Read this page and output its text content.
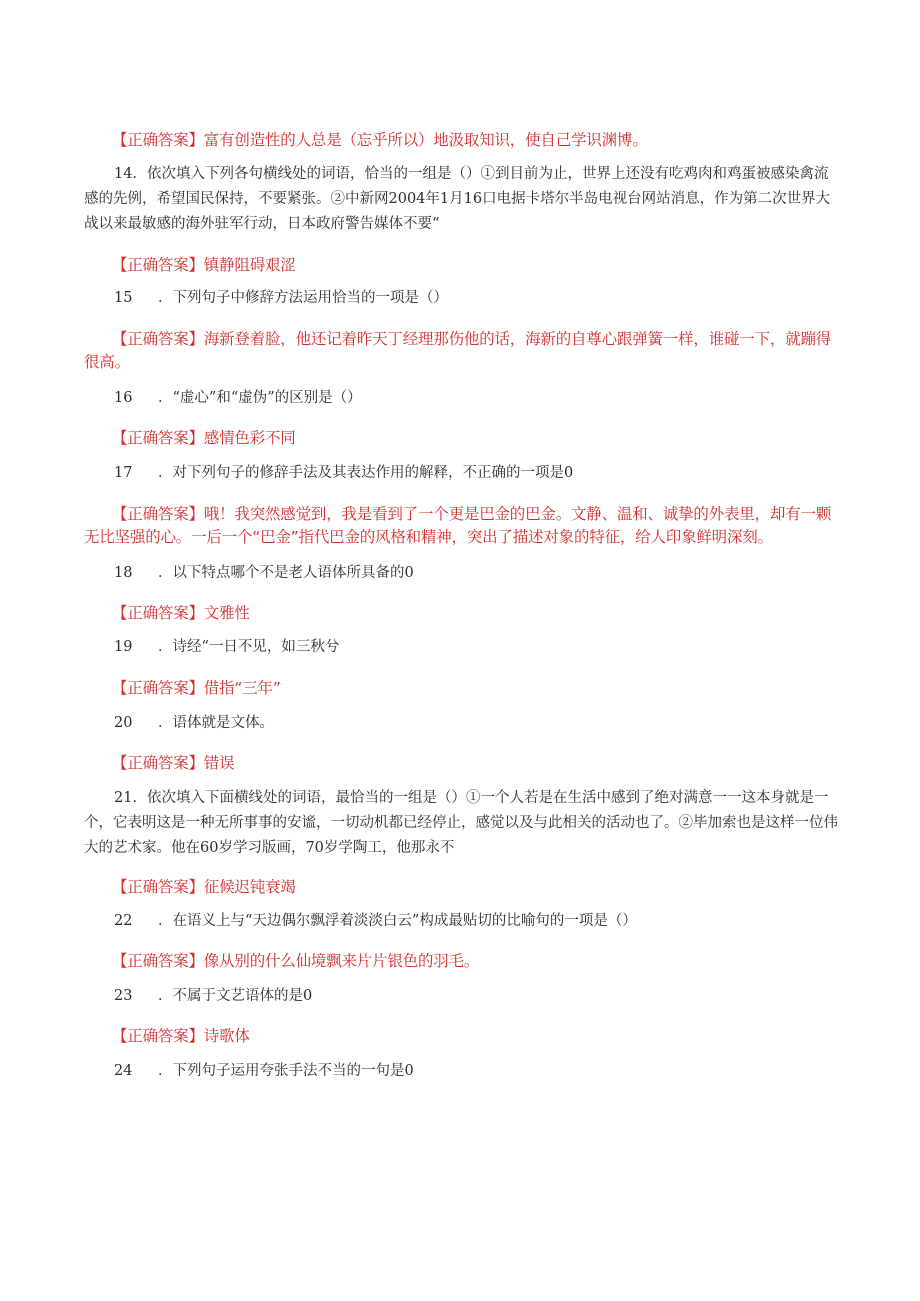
【正确答案】富有创造性的人总是（忘乎所以）地汲取知识，使自己学识渊博。
14．依次填入下列各句横线处的词语，恰当的一组是（）①到目前为止，世界上还没有吃鸡肉和鸡蛋被感染禽流感的先例，希望国民保持，不要紧张。②中新网2004年1月16口电据卡塔尔半岛电视台网站消息，作为第二次世界大战以来最敏感的海外驻军行动，日本政府警告媒体不要“
【正确答案】镇静阻碍艰涩
15	．下列句子中修辞方法运用恰当的一项是（）
【正确答案】海新登着脸，他还记着昨天丁经理那伤他的话，海新的自尊心跟弹簧一样，谁碰一下，就蹦得很高。
16	．“虚心”和“虚伪”的区别是（）
【正确答案】感情色彩不同
17	．对下列句子的修辞手法及其表达作用的解释，不正确的一项是0
【正确答案】哦！我突然感觉到，我是看到了一个更是巴金的巴金。文静、温和、诚挚的外表里，却有一颗无比坚强的心。一后一个“巴金”指代巴金的风格和精神，突出了描述对象的特征，给人印象鲜明深刻。
18	．以下特点哪个不是老人语体所具备的0
【正确答案】文雅性
19	．诗经“一日不见，如三秋兮
【正确答案】借指“三年”
20	．语体就是文体。
【正确答案】错误
21．依次填入下面横线处的词语，最恰当的一组是（）①一个人若是在生活中感到了绝对满意一一这本身就是一个，它表明这是一种无所事事的安谧，一切动机都已经停止，感觉以及与此相关的活动也了。②毕加索也是这样一位伟大的艺术家。他在60岁学习版画，70岁学陶工，他那永不
【正确答案】征候迟钝衰竭
22	．在语义上与“天边偶尔飘浮着淡淡白云”构成最贴切的比喻句的一项是（）
【正确答案】像从别的什么仙境飘来片片银色的羽毛。
23	．不属于文艺语体的是0
【正确答案】诗歌体
24	．下列句子运用夸张手法不当的一句是0
